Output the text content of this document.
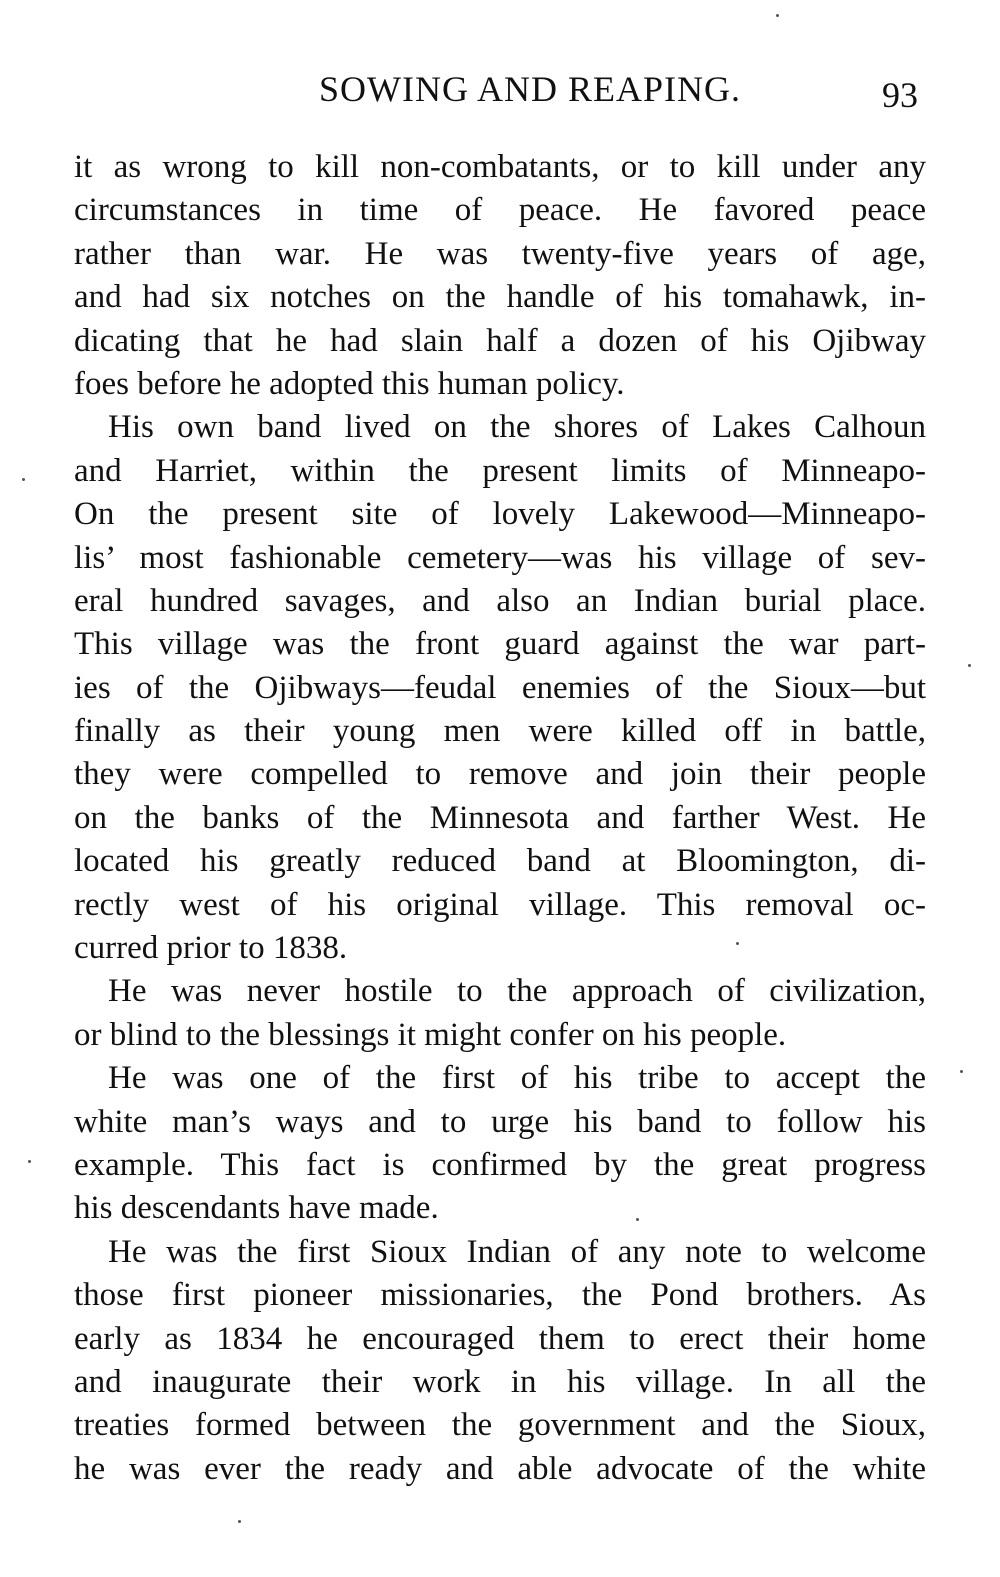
SOWING AND REAPING.	93
it as wrong to kill non-combatants, or to kill under any
circumstances in time of peace. He favored peace
rather than war. He was twenty-five years of age,
and had six notches on the handle of his tomahawk, in-
dicating that he had slain half a dozen of his Ojibway
foes before he adopted this human policy.
His own band lived on the shores of Lakes Calhoun
and Harriet, within the present limits of Minneapo-
On the present site of lovely Lakewood—Minneapo-
lis’ most fashionable cemetery—was his village of sev-
eral hundred savages, and also an Indian burial place.
This village was the front guard against the war part-
ies of the Ojibways—feudal enemies of the Sioux—but
finally as their young men were killed off in battle,
they were compelled to remove and join their people
on the banks of the Minnesota and farther West. He
located his greatly reduced band at Bloomington, di-
rectly west of his original village. This removal oc-
curred prior to 1838.
He was never hostile to the approach of civilization,
or blind to the blessings it might confer on his people.
He was one of the first of his tribe to accept the
white man’s ways and to urge his band to follow his
example. This fact is confirmed by the great progress
his descendants have made.
He was the first Sioux Indian of any note to welcome
those first pioneer missionaries, the Pond brothers. As
early as 1834 he encouraged them to erect their home
and inaugurate their work in his village. In all the
treaties formed between the government and the Sioux,
he was ever the ready and able advocate of the white
